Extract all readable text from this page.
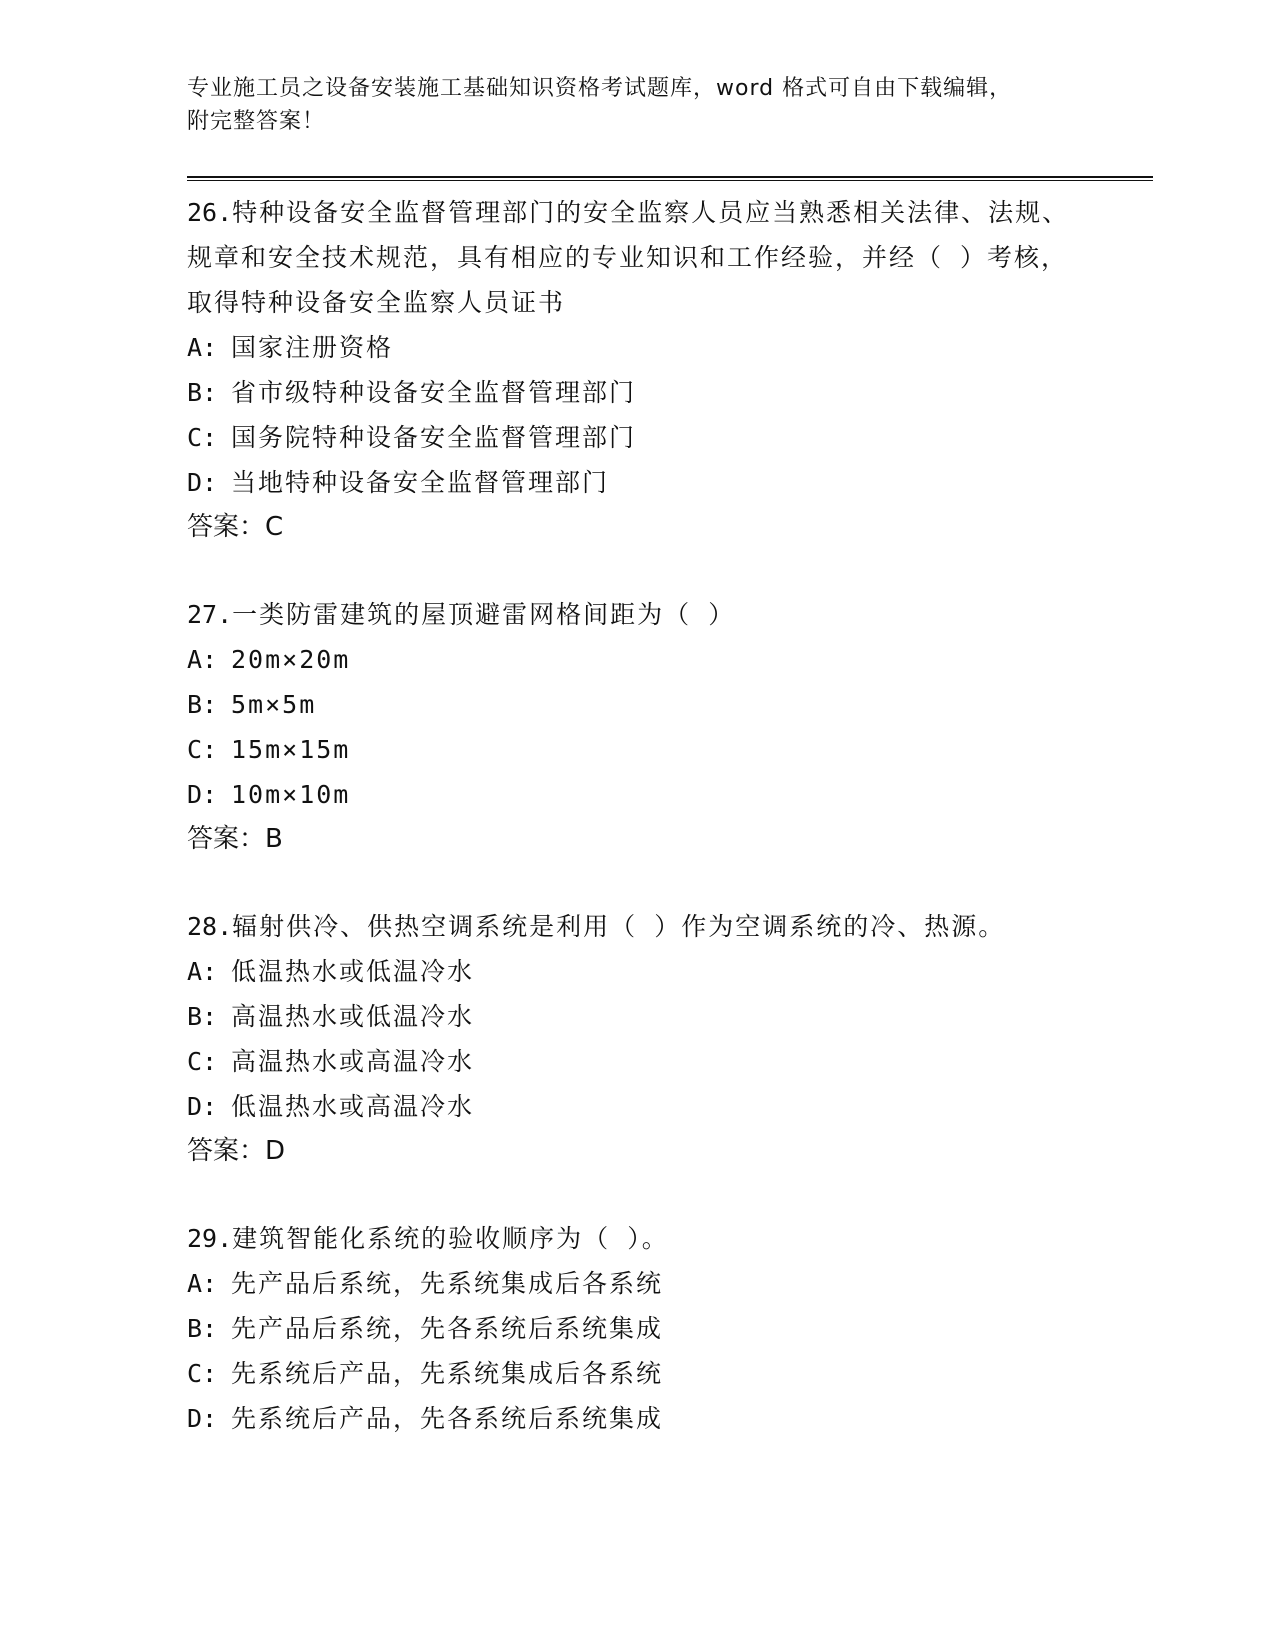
专业施工员之设备安装施工基础知识资格考试题库，word 格式可自由下载编辑，
附完整答案！

26.特种设备安全监督管理部门的安全监察人员应当熟悉相关法律、法规、规章和安全技术规范，具有相应的专业知识和工作经验，并经（ ）考核，取得特种设备安全监察人员证书

A: 国家注册资格
B: 省市级特种设备安全监督管理部门
C: 国务院特种设备安全监督管理部门
D: 当地特种设备安全监督管理部门
答案：C

27.一类防雷建筑的屋顶避雷网格间距为（ ）

A: 20m×20m
B: 5m×5m
C: 15m×15m
D: 10m×10m
答案：B

28.辐射供冷、供热空调系统是利用（ ）作为空调系统的冷、热源。

A: 低温热水或低温冷水
B: 高温热水或低温冷水
C: 高温热水或高温冷水
D: 低温热水或高温冷水
答案：D

29.建筑智能化系统的验收顺序为（ ）。

A: 先产品后系统，先系统集成后各系统
B: 先产品后系统，先各系统后系统集成
C: 先系统后产品，先系统集成后各系统
D: 先系统后产品，先各系统后系统集成
